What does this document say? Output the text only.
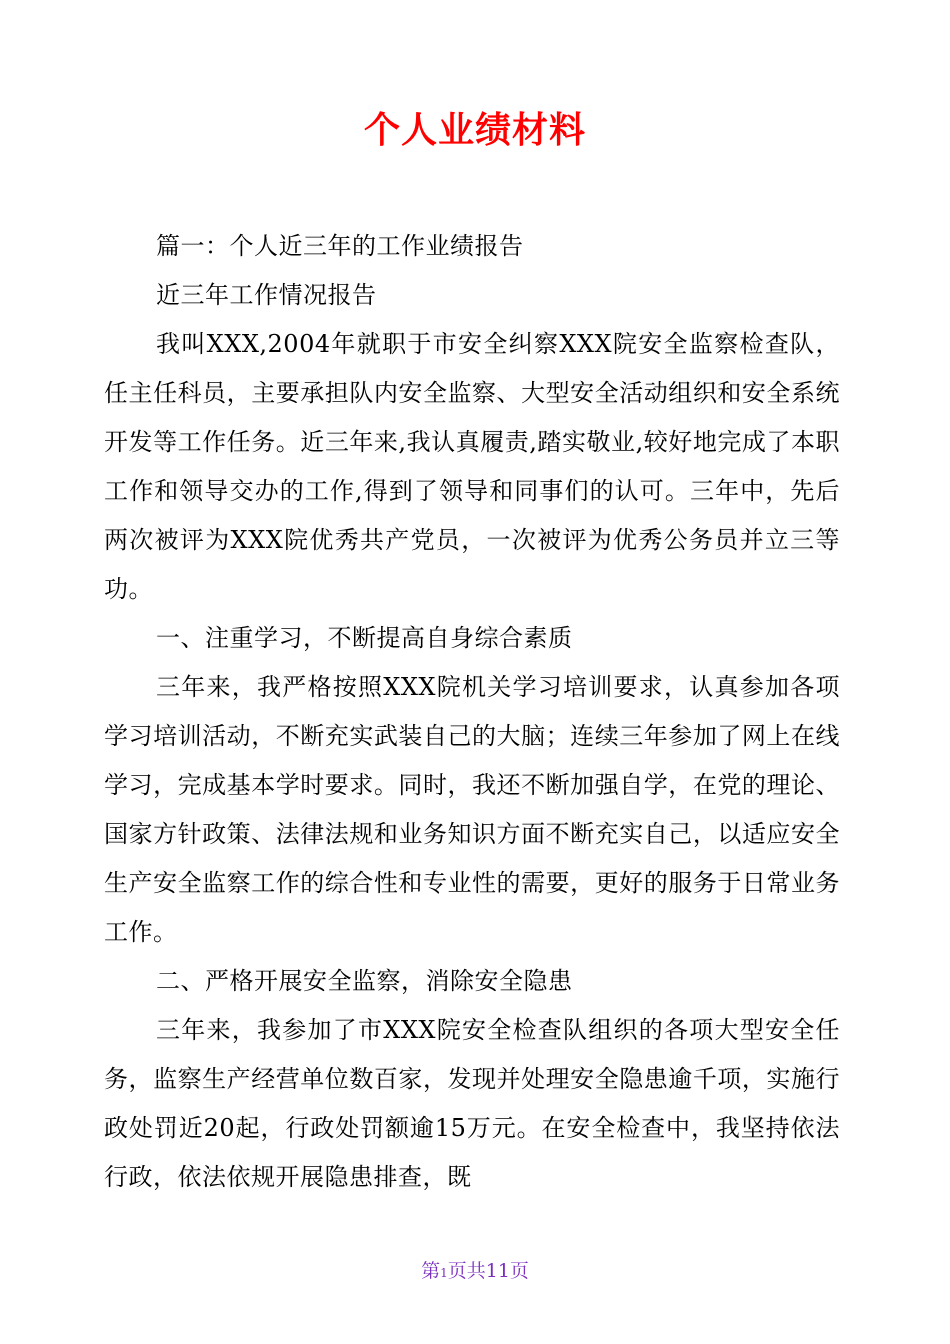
个人业绩材料

篇一：个人近三年的工作业绩报告

近三年工作情况报告

我叫XXX,2004年就职于市安全纠察XXX院安全监察检查队，任主任科员，主要承担队内安全监察、大型安全活动组织和安全系统开发等工作任务。近三年来,我认真履责,踏实敬业,较好地完成了本职工作和领导交办的工作,得到了领导和同事们的认可。三年中，先后两次被评为XXX院优秀共产党员，一次被评为优秀公务员并立三等功。

一、注重学习，不断提高自身综合素质

三年来，我严格按照XXX院机关学习培训要求，认真参加各项学习培训活动，不断充实武装自己的大脑；连续三年参加了网上在线学习，完成基本学时要求。同时，我还不断加强自学，在党的理论、国家方针政策、法律法规和业务知识方面不断充实自己，以适应安全生产安全监察工作的综合性和专业性的需要，更好的服务于日常业务工作。

二、严格开展安全监察，消除安全隐患

三年来，我参加了市XXX院安全检查队组织的各项大型安全任务，监察生产经营单位数百家，发现并处理安全隐患逾千项，实施行政处罚近20起，行政处罚额逾15万元。在安全检查中，我坚持依法行政，依法依规开展隐患排查，既

第1页共11页
